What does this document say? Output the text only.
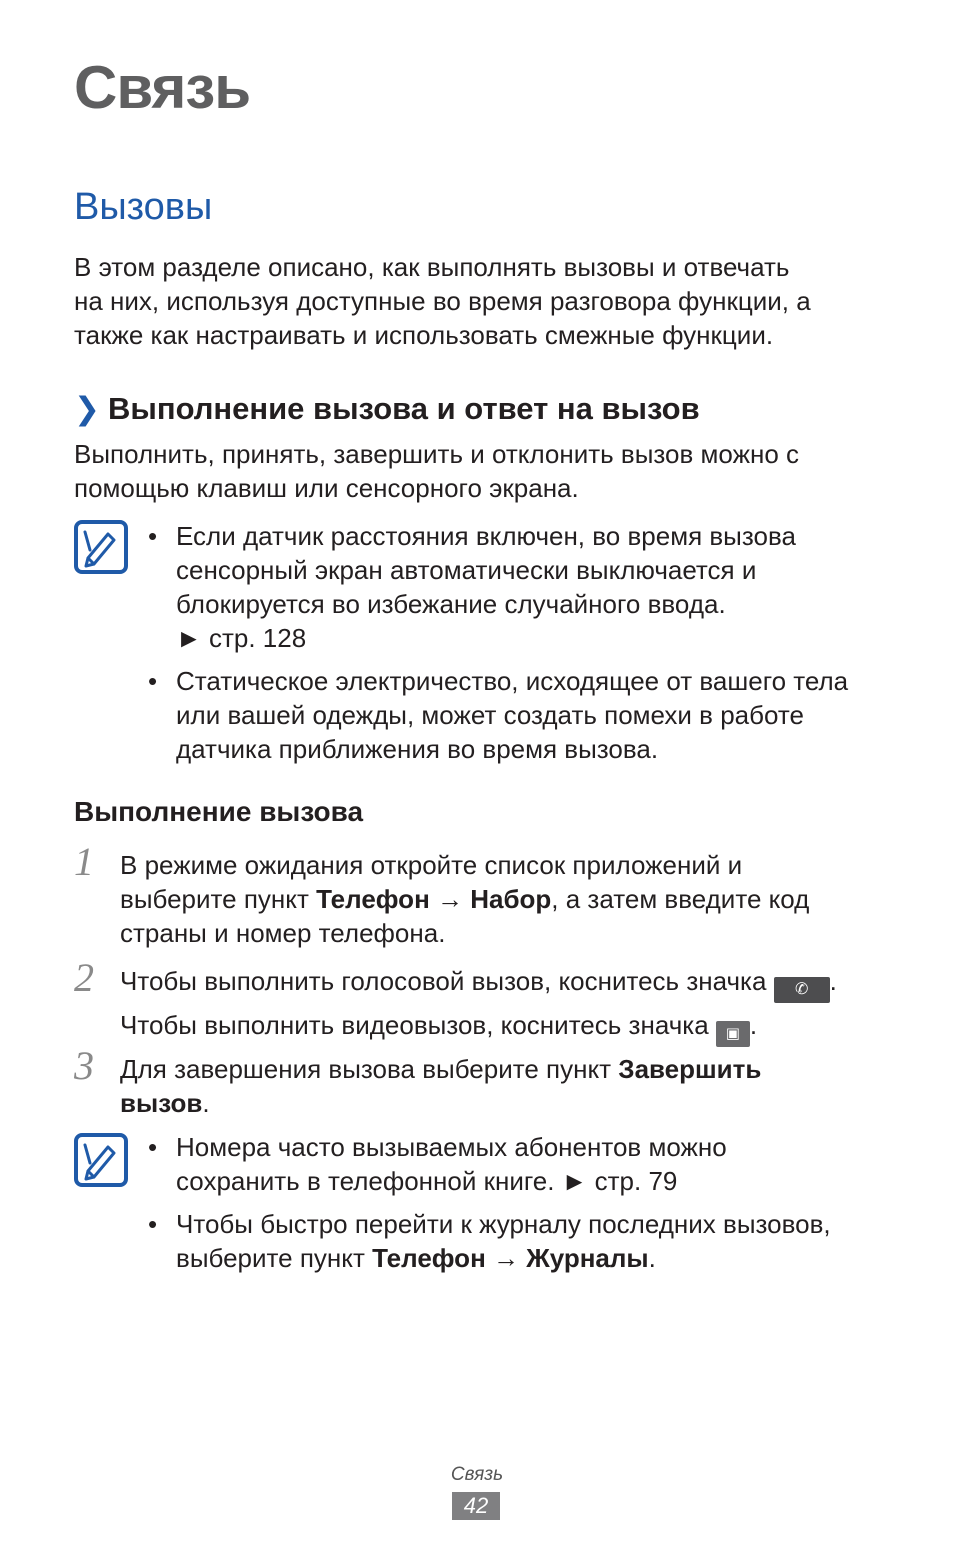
Связь
Вызовы
В этом разделе описано, как выполнять вызовы и отвечать
на них, используя доступные во время разговора функции, а
также как настраивать и использовать смежные функции.
❯ Выполнение вызова и ответ на вызов
Выполнить, принять, завершить и отклонить вызов можно с
помощью клавиш или сенсорного экрана.
• Если датчик расстояния включен, во время вызова
сенсорный экран автоматически выключается и
блокируется во избежание случайного ввода.
► стр. 128
• Статическое электричество, исходящее от вашего тела
или вашей одежды, может создать помехи в работе
датчика приближения во время вызова.
Выполнение вызова
1 В режиме ожидания откройте список приложений и
выберите пункт Телефон → Набор, а затем введите код
страны и номер телефона.
2 Чтобы выполнить голосовой вызов, коснитесь значка ✆ .
Чтобы выполнить видеовызов, коснитесь значка ▣ .
3 Для завершения вызова выберите пункт Завершить
вызов.
• Номера часто вызываемых абонентов можно
сохранить в телефонной книге. ► стр. 79
• Чтобы быстро перейти к журналу последних вызовов,
выберите пункт Телефон → Журналы.
Связь
42
